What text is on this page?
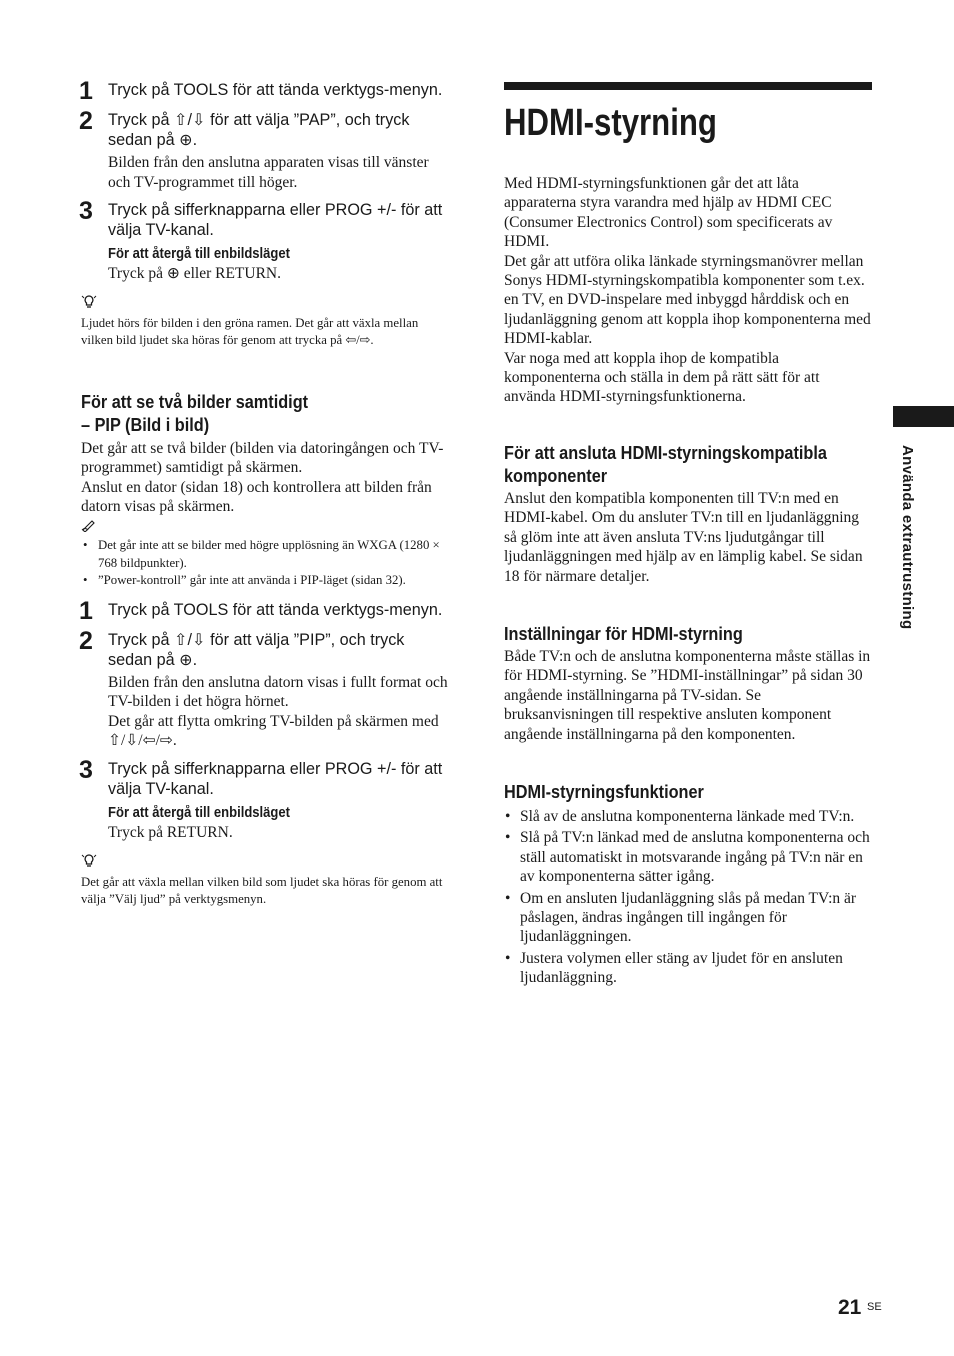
1 Tryck på TOOLS för att tända verktygs-menyn.
2 Tryck på ⇧/⇩ för att välja ”PAP”, och tryck sedan på ⊕.
Bilden från den anslutna apparaten visas till vänster och TV-programmet till höger.
3 Tryck på sifferknapparna eller PROG +/- för att välja TV-kanal.
För att återgå till enbildsläget
Tryck på ⊕ eller RETURN.
Ljudet hörs för bilden i den gröna ramen. Det går att växla mellan vilken bild ljudet ska höras för genom att trycka på ⇦/⇨.
För att se två bilder samtidigt
– PIP (Bild i bild)
Det går att se två bilder (bilden via datoringången och TV-programmet) samtidigt på skärmen.
Anslut en dator (sidan 18) och kontrollera att bilden från datorn visas på skärmen.
• Det går inte att se bilder med högre upplösning än WXGA (1280 × 768 bildpunkter).
• ”Power-kontroll” går inte att använda i PIP-läget (sidan 32).
1 Tryck på TOOLS för att tända verktygs-menyn.
2 Tryck på ⇧/⇩ för att välja ”PIP”, och tryck sedan på ⊕.
Bilden från den anslutna datorn visas i fullt format och TV-bilden i det högra hörnet.
Det går att flytta omkring TV-bilden på skärmen med ⇧/⇩/⇦/⇨.
3 Tryck på sifferknapparna eller PROG +/- för att välja TV-kanal.
För att återgå till enbildsläget
Tryck på RETURN.
Det går att växla mellan vilken bild som ljudet ska höras för genom att välja ”Välj ljud” på verktygsmenyn.
HDMI-styrning
Med HDMI-styrningsfunktionen går det att låta apparaterna styra varandra med hjälp av HDMI CEC (Consumer Electronics Control) som specificerats av HDMI.
Det går att utföra olika länkade styrningsmanövrer mellan Sonys HDMI-styrningskompatibla komponenter som t.ex. en TV, en DVD-inspelare med inbyggd hårddisk och en ljudanläggning genom att koppla ihop komponenterna med HDMI-kablar.
Var noga med att koppla ihop de kompatibla komponenterna och ställa in dem på rätt sätt för att använda HDMI-styrningsfunktionerna.
För att ansluta HDMI-styrningskompatibla komponenter
Anslut den kompatibla komponenten till TV:n med en HDMI-kabel. Om du ansluter TV:n till en ljudanläggning så glöm inte att även ansluta TV:ns ljudutgångar till ljudanläggningen med hjälp av en lämplig kabel. Se sidan 18 för närmare detaljer.
Inställningar för HDMI-styrning
Både TV:n och de anslutna komponenterna måste ställas in för HDMI-styrning. Se ”HDMI-inställningar” på sidan 30 angående inställningarna på TV-sidan. Se bruksanvisningen till respektive ansluten komponent angående inställningarna på den komponenten.
HDMI-styrningsfunktioner
• Slå av de anslutna komponenterna länkade med TV:n.
• Slå på TV:n länkad med de anslutna komponenterna och ställ automatiskt in motsvarande ingång på TV:n när en av komponenterna sätter igång.
• Om en ansluten ljudanläggning slås på medan TV:n är påslagen, ändras ingången till ingången för ljudanläggningen.
• Justera volymen eller stäng av ljudet för en ansluten ljudanläggning.
Använda extrautrustning
21 SE
